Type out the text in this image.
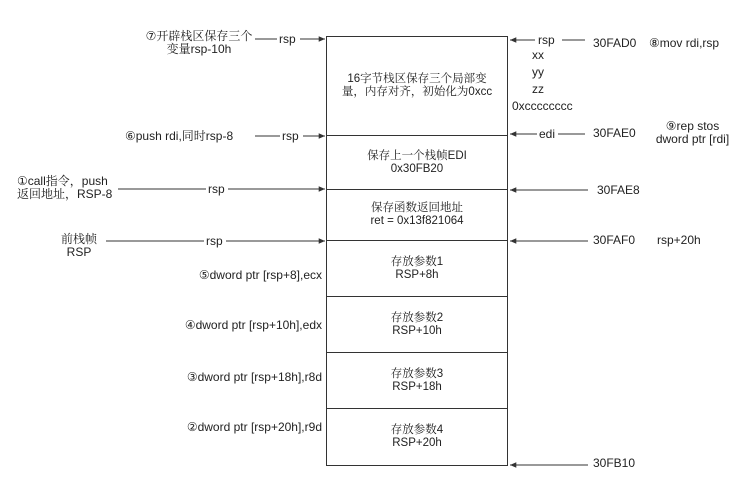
16字节栈区保存三个局部变
量，内存对齐，初始化为0xcc
保存上一个栈帧EDI
0x30FB20
保存函数返回地址
ret = 0x13f821064
存放参数1
RSP+8h
存放参数2
RSP+10h
存放参数3
RSP+18h
存放参数4
RSP+20h
⑦开辟栈区保存三个
变量rsp-10h
rsp
⑥push rdi,同时rsp-8	rsp
①call指令，push
返回地址，RSP-8	rsp
前栈帧
RSP
rsp
⑤dword ptr [rsp+8],ecx
④dword ptr [rsp+10h],edx
③dword ptr [rsp+18h],r8d
②dword ptr [rsp+20h],r9d
rsp
xx
yy
zz
0xcccccccc
edi
30FAD0 ⑧mov rdi,rsp
30FAE0	⑨rep stos
dword ptr [rdi]
30FAE8
30FAF0 rsp+20h
30FB10
